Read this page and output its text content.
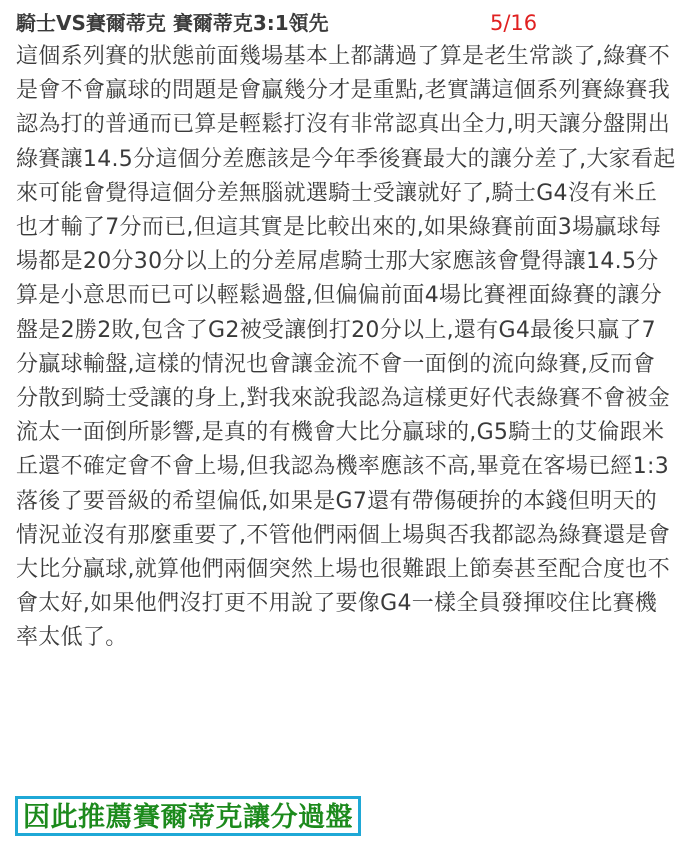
騎士VS賽爾蒂克 賽爾蒂克3:1領先	5/16

這個系列賽的狀態前面幾場基本上都講過了算是老生常談了,綠賽不是會不會贏球的問題是會贏幾分才是重點,老實講這個系列賽綠賽我認為打的普通而已算是輕鬆打沒有非常認真出全力,明天讓分盤開出綠賽讓14.5分這個分差應該是今年季後賽最大的讓分差了,大家看起來可能會覺得這個分差無腦就選騎士受讓就好了,騎士G4沒有米丘也才輸了7分而已,但這其實是比較出來的,如果綠賽前面3場贏球每場都是20分30分以上的分差屌虐騎士那大家應該會覺得讓14.5分算是小意思而已可以輕鬆過盤,但偏偏前面4場比賽裡面綠賽的讓分盤是2勝2敗,包含了G2被受讓倒打20分以上,還有G4最後只贏了7分贏球輸盤,這樣的情況也會讓金流不會一面倒的流向綠賽,反而會分散到騎士受讓的身上,對我來說我認為這樣更好代表綠賽不會被金流太一面倒所影響,是真的有機會大比分贏球的,G5騎士的艾倫跟米丘還不確定會不會上場,但我認為機率應該不高,畢竟在客場已經1:3落後了要晉級的希望偏低,如果是G7還有帶傷硬拚的本錢但明天的情況並沒有那麼重要了,不管他們兩個上場與否我都認為綠賽還是會大比分贏球,就算他們兩個突然上場也很難跟上節奏甚至配合度也不會太好,如果他們沒打更不用說了要像G4一樣全員發揮咬住比賽機率太低了。

因此推薦賽爾蒂克讓分過盤
